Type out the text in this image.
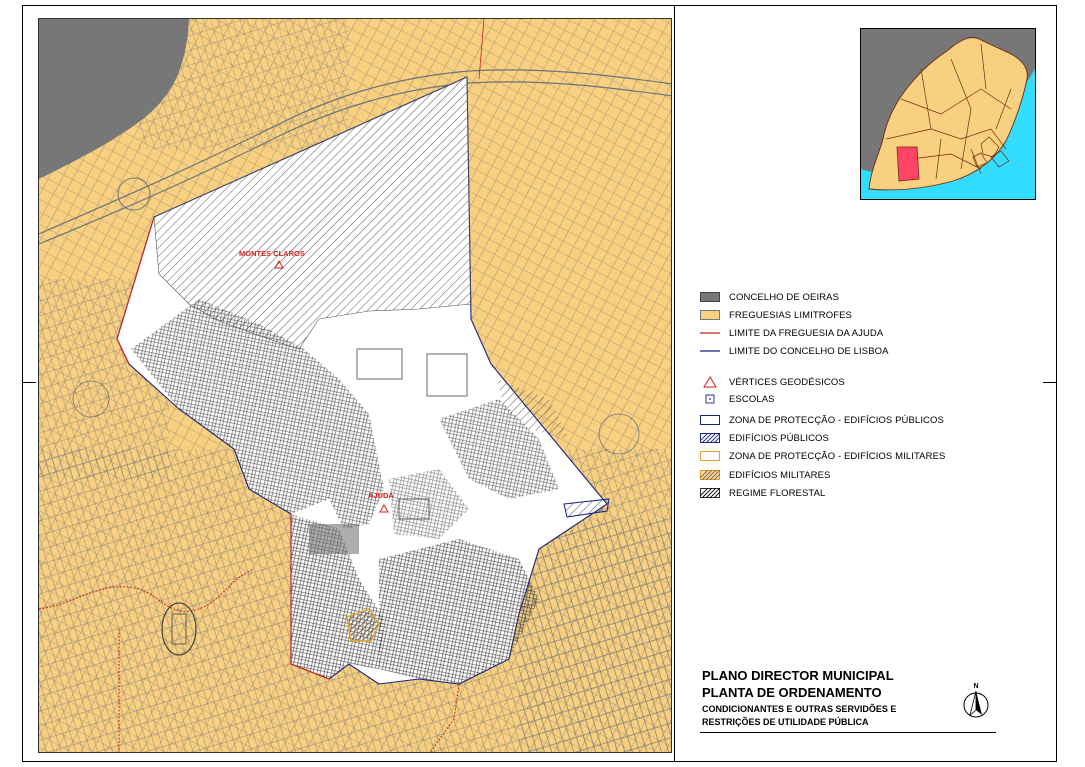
MONTES CLAROS
AJUDA
CONCELHO DE OEIRAS
FREGUESIAS LIMITROFES
LIMITE DA FREGUESIA DA AJUDA
LIMITE DO CONCELHO DE LISBOA
VÉRTICES GEODÉSICOS
ESCOLAS
ZONA DE PROTECÇÃO - EDIFÍCIOS PÚBLICOS
EDIFÍCIOS PÚBLICOS
ZONA DE PROTECÇÃO - EDIFÍCIOS MILITARES
EDIFÍCIOS MILITARES
REGIME FLORESTAL
PLANO DIRECTOR MUNICIPAL
PLANTA DE ORDENAMENTO
CONDICIONANTES E OUTRAS SERVIDÕES E
RESTRIÇÕES DE UTILIDADE PÚBLICA
N
